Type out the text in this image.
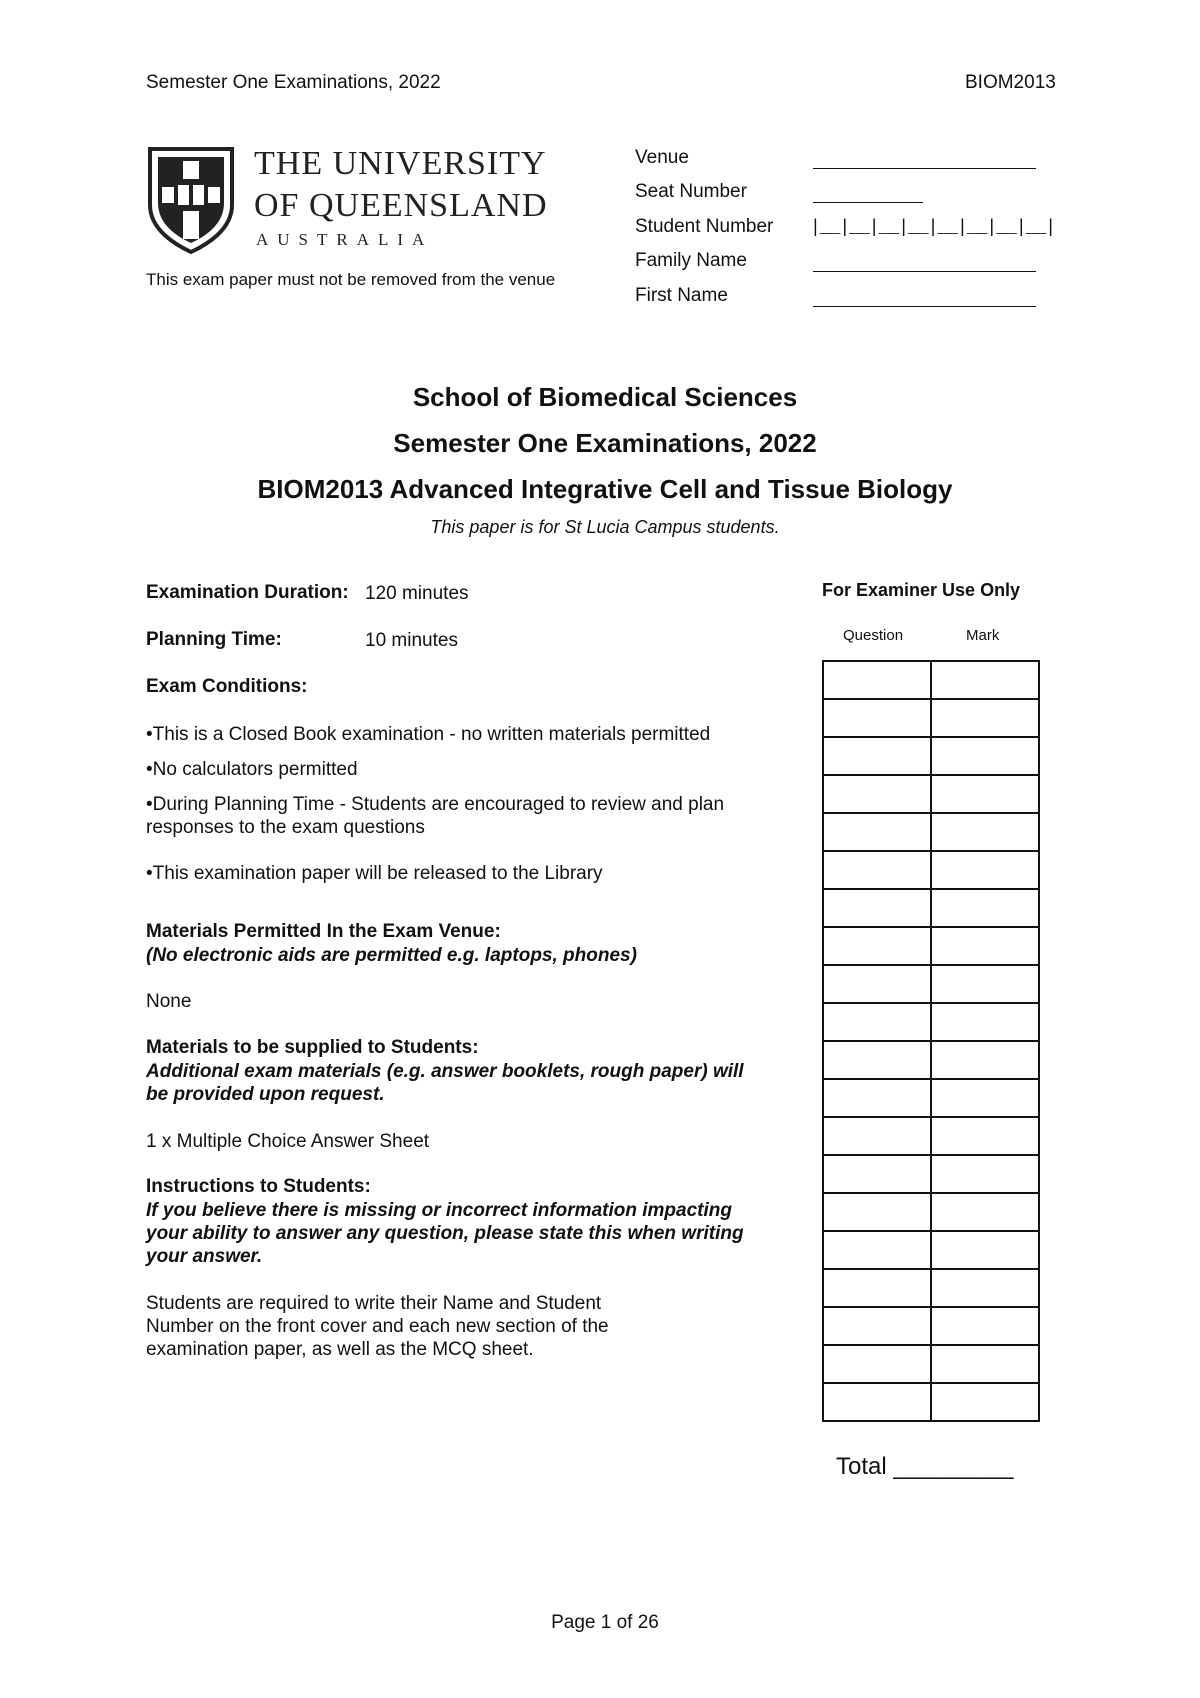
Semester One Examinations, 2022	BIOM2013
THE UNIVERSITY
OF QUEENSLAND
AUSTRALIA
This exam paper must not be removed from the venue
Venue
Seat Number
Student Number |__|__|__|__|__|__|__|__|
Family Name
First Name
School of Biomedical Sciences
Semester One Examinations, 2022
BIOM2013 Advanced Integrative Cell and Tissue Biology
This paper is for St Lucia Campus students.
Examination Duration: 120 minutes
Planning Time:	10 minutes
Exam Conditions:
•This is a Closed Book examination - no written materials permitted
•No calculators permitted
•During Planning Time - Students are encouraged to review and plan
responses to the exam questions
•This examination paper will be released to the Library
Materials Permitted In the Exam Venue:
(No electronic aids are permitted e.g. laptops, phones)
None
Materials to be supplied to Students:
Additional exam materials (e.g. answer booklets, rough paper) will
be provided upon request.
1 x Multiple Choice Answer Sheet
Instructions to Students:
If you believe there is missing or incorrect information impacting
your ability to answer any question, please state this when writing
your answer.
Students are required to write their Name and Student
Number on the front cover and each new section of the
examination paper, as well as the MCQ sheet.
For Examiner Use Only
Question	Mark

Total _________
Page 1 of 26
